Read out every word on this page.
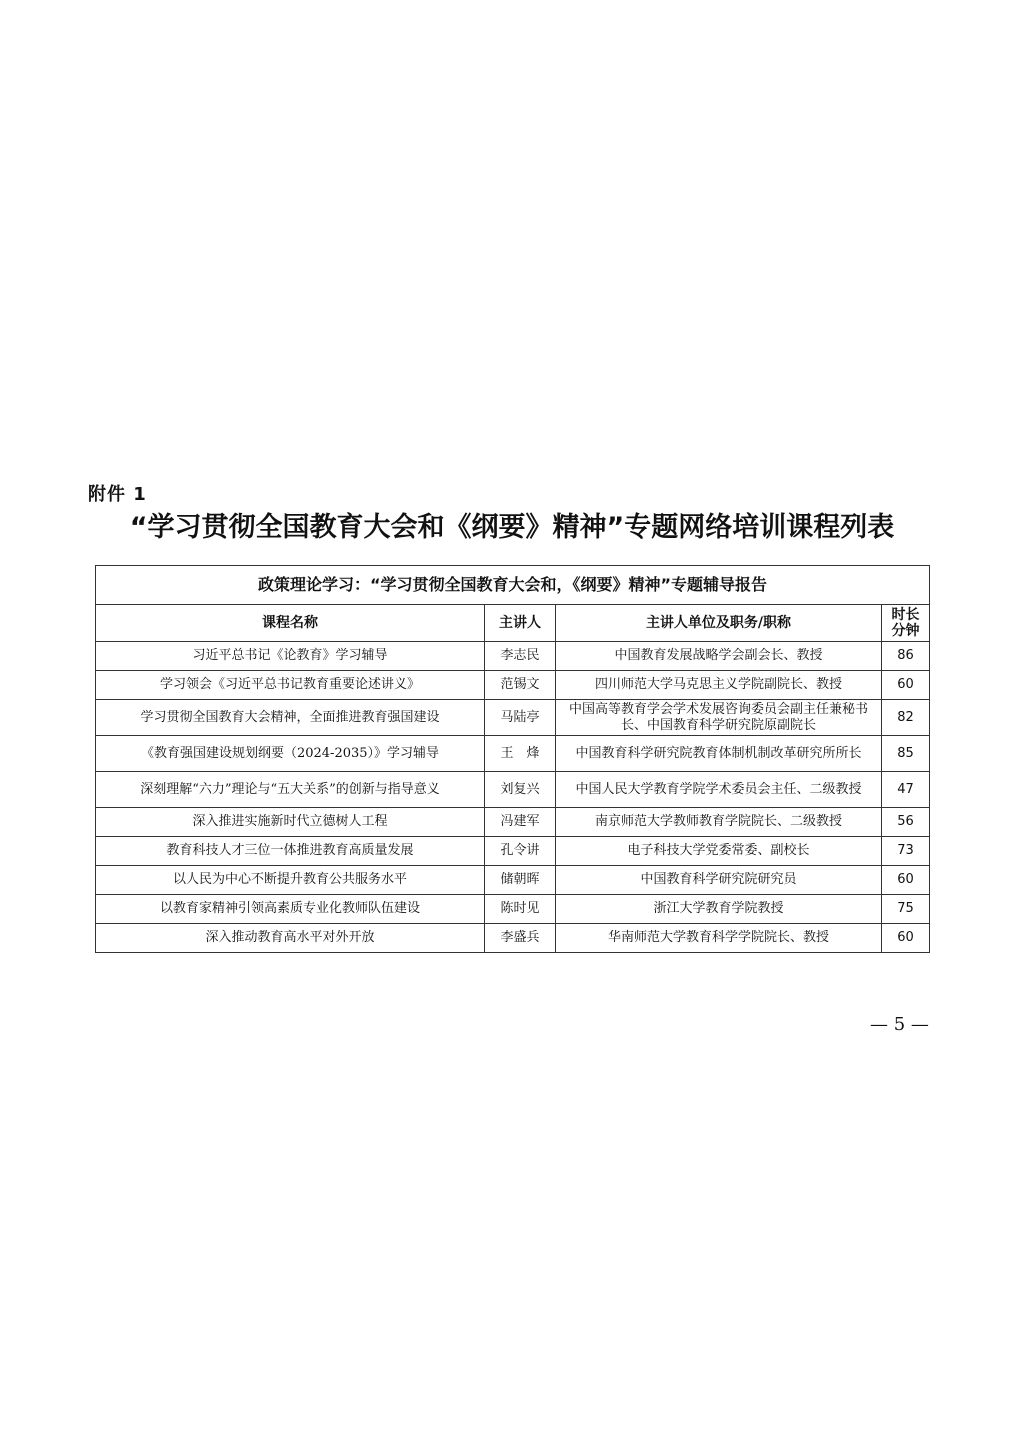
附件 1
“学习贯彻全国教育大会和《纲要》精神”专题网络培训课程列表
政策理论学习：“学习贯彻全国教育大会和，《纲要》精神”专题辅导报告			
课程名称	主讲人	主讲人单位及职务/职称	时长
分钟

习近平总书记《论教育》学习辅导	李志民	中国教育发展战略学会副会长、教授	86
学习领会《习近平总书记教育重要论述讲义》	范锡文	四川师范大学马克思主义学院副院长、教授	60
学习贯彻全国教育大会精神，全面推进教育强国建设	马陆亭	中国高等教育学会学术发展咨询委员会副主任兼秘书长、中国教育科学研究院原副院长	82
《教育强国建设规划纲要（2024-2035）》学习辅导	王　烽	中国教育科学研究院教育体制机制改革研究所所长	85
深刻理解“六力”理论与“五大关系”的创新与指导意义	刘复兴	中国人民大学教育学院学术委员会主任、二级教授	47
深入推进实施新时代立德树人工程	冯建军	南京师范大学教师教育学院院长、二级教授	56
教育科技人才三位一体推进教育高质量发展	孔令讲	电子科技大学党委常委、副校长	73
以人民为中心不断提升教育公共服务水平	储朝晖	中国教育科学研究院研究员	60
以教育家精神引领高素质专业化教师队伍建设	陈时见	浙江大学教育学院教授	75
深入推动教育高水平对外开放	李盛兵	华南师范大学教育科学学院院长、教授	60
— 5 —
